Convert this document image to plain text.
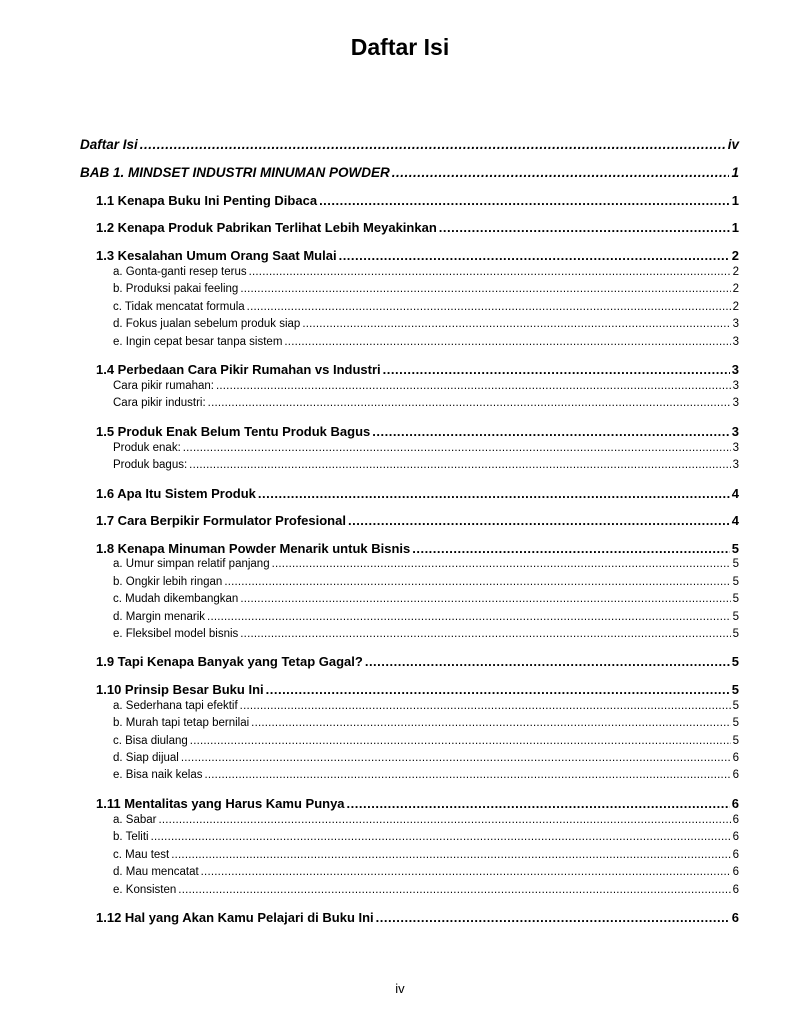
Daftar Isi
Daftar Isi .....	iv
BAB 1. MINDSET INDUSTRI MINUMAN POWDER .....	1
1.1 Kenapa Buku Ini Penting Dibaca .....	1
1.2 Kenapa Produk Pabrikan Terlihat Lebih Meyakinkan .....	1
1.3 Kesalahan Umum Orang Saat Mulai .....	2
a. Gonta-ganti resep terus .....	2
b. Produksi pakai feeling .....	2
c. Tidak mencatat formula .....	2
d. Fokus jualan sebelum produk siap .....	3
e. Ingin cepat besar tanpa sistem .....	3
1.4 Perbedaan Cara Pikir Rumahan vs Industri .....	3
Cara pikir rumahan: .....	3
Cara pikir industri: .....	3
1.5 Produk Enak Belum Tentu Produk Bagus .....	3
Produk enak: .....	3
Produk bagus: .....	3
1.6 Apa Itu Sistem Produk .....	4
1.7 Cara Berpikir Formulator Profesional .....	4
1.8 Kenapa Minuman Powder Menarik untuk Bisnis .....	5
a. Umur simpan relatif panjang .....	5
b. Ongkir lebih ringan .....	5
c. Mudah dikembangkan .....	5
d. Margin menarik .....	5
e. Fleksibel model bisnis .....	5
1.9 Tapi Kenapa Banyak yang Tetap Gagal? .....	5
1.10 Prinsip Besar Buku Ini .....	5
a. Sederhana tapi efektif .....	5
b. Murah tapi tetap bernilai .....	5
c. Bisa diulang .....	5
d. Siap dijual .....	6
e. Bisa naik kelas .....	6
1.11 Mentalitas yang Harus Kamu Punya .....	6
a. Sabar .....	6
b. Teliti .....	6
c. Mau test .....	6
d. Mau mencatat .....	6
e. Konsisten .....	6
1.12 Hal yang Akan Kamu Pelajari di Buku Ini .....	6
iv
